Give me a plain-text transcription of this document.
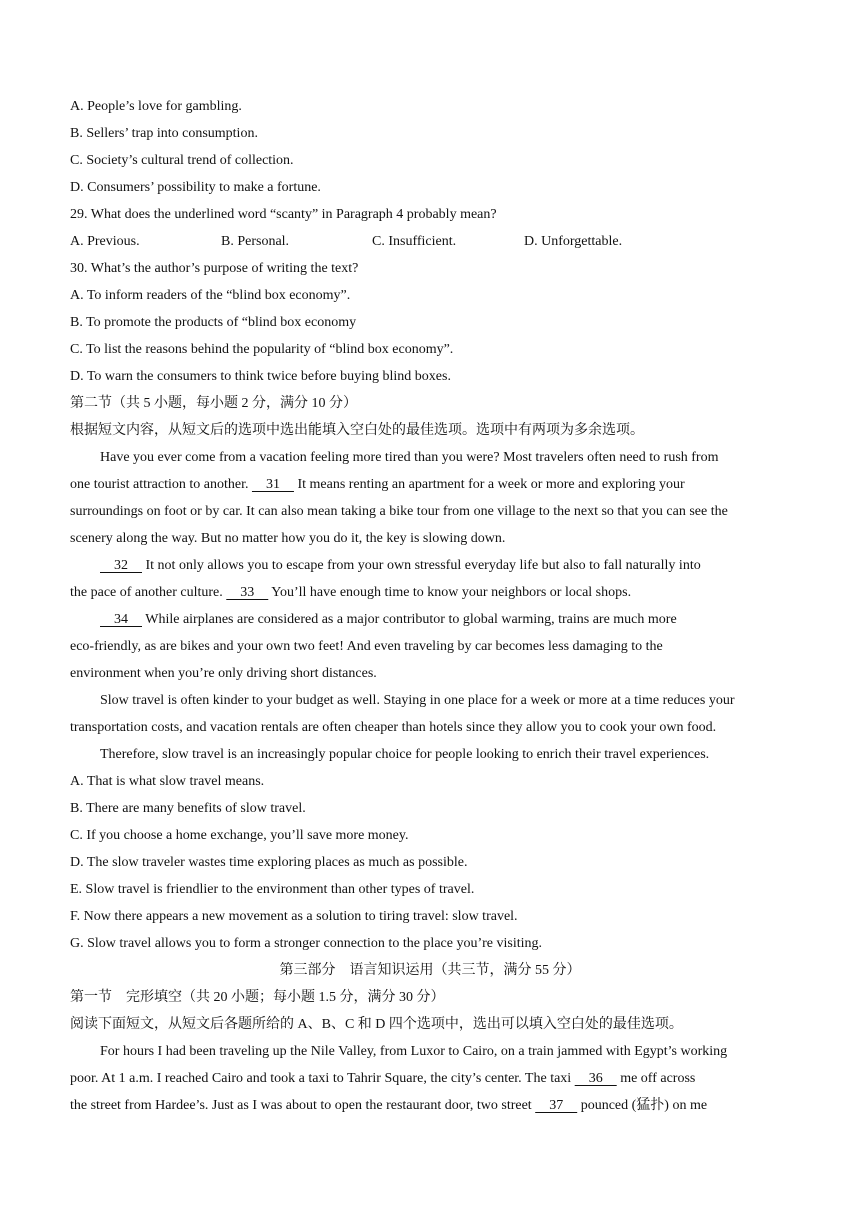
A. People’s love for gambling.
B. Sellers’ trap into consumption.
C. Society’s cultural trend of collection.
D. Consumers’ possibility to make a fortune.
29. What does the underlined word “scanty” in Paragraph 4 probably mean?
A. Previous.	B. Personal.	C. Insufficient.	D. Unforgettable.
30. What’s the author’s purpose of writing the text?
A. To inform readers of the “blind box economy”.
B. To promote the products of “blind box economy
C. To list the reasons behind the popularity of “blind box economy”.
D. To warn the consumers to think twice before buying blind boxes.
第二节（共 5 小题，每小题 2 分，满分 10 分）
根据短文内容，从短文后的选项中选出能填入空白处的最佳选项。选项中有两项为多余选项。
Have you ever come from a vacation feeling more tired than you were? Most travelers often need to rush from
one tourist attraction to another.     31     It means renting an apartment for a week or more and exploring your
surroundings on foot or by car. It can also mean taking a bike tour from one village to the next so that you can see the
scenery along the way. But no matter how you do it, the key is slowing down.
32     It not only allows you to escape from your own stressful everyday life but also to fall naturally into
the pace of another culture.     33     You’ll have enough time to know your neighbors or local shops.
34     While airplanes are considered as a major contributor to global warming, trains are much more
eco-friendly, as are bikes and your own two feet! And even traveling by car becomes less damaging to the
environment when you’re only driving short distances.
Slow travel is often kinder to your budget as well. Staying in one place for a week or more at a time reduces your
transportation costs, and vacation rentals are often cheaper than hotels since they allow you to cook your own food.
Therefore, slow travel is an increasingly popular choice for people looking to enrich their travel experiences.
A. That is what slow travel means.
B. There are many benefits of slow travel.
C. If you choose a home exchange, you’ll save more money.
D. The slow traveler wastes time exploring places as much as possible.
E. Slow travel is friendlier to the environment than other types of travel.
F. Now there appears a new movement as a solution to tiring travel: slow travel.
G. Slow travel allows you to form a stronger connection to the place you’re visiting.
第三部分　语言知识运用（共三节，满分 55 分）
第一节　完形填空（共 20 小题；每小题 1.5 分，满分 30 分）
阅读下面短文，从短文后各题所给的 A、B、C 和 D 四个选项中，选出可以填入空白处的最佳选项。
For hours I had been traveling up the Nile Valley, from Luxor to Cairo, on a train jammed with Egypt’s working
poor. At 1 a.m. I reached Cairo and took a taxi to Tahrir Square, the city’s center. The taxi     36     me off across
the street from Hardee’s. Just as I was about to open the restaurant door, two street     37     pounced (猛扑) on me
